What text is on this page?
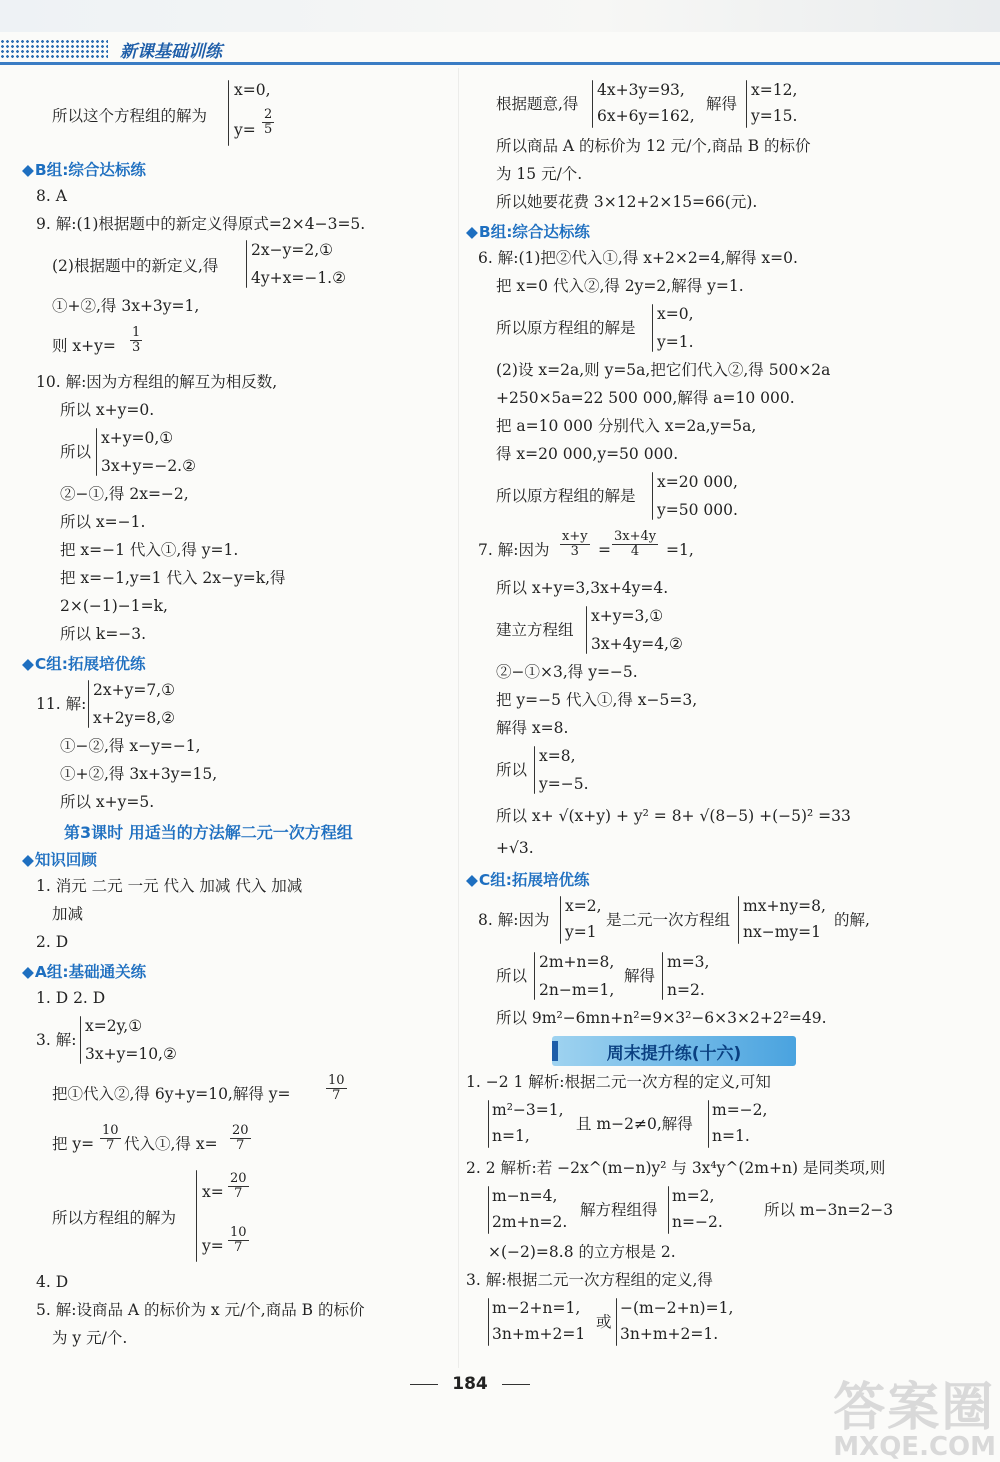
新课基础训练
所以这个方程组的解为
x=0,
$y= \frac{2}{5}$
◆B组:综合达标练
8. A
9. 解:(1)根据题中的新定义得原式=2×4−3=5.
(2)根据题中的新定义,得
2x−y=2,①
4y+x=−1.②
①+②,得 3x+3y=1,
则 $x+y= \frac{1}{3}$
10. 解:因为方程组的解互为相反数,
所以 x+y=0.
所以
x+y=0,①
3x+y=−2.②
②−①,得 2x=−2,
所以 x=−1.
把 x=−1 代入①,得 y=1.
把 x=−1,y=1 代入 2x−y=k,得
2×(−1)−1=k,
所以 k=−3.
◆C组:拓展培优练
11. 解:
2x+y=7,①
x+2y=8,②
①−②,得 x−y=−1,
①+②,得 3x+3y=15,
所以 x+y=5.
第3课时 用适当的方法解二元一次方程组
◆知识回顾
1. 消元 二元 一元 代入 加减 代入 加减
加减
2. D
◆A组:基础通关练
1. D 2. D
3. 解:
x=2y,①
3x+y=10,②
把①代入②,得 6y+y=10,解得 y=	$\frac{10}{7}$
把 $y= \frac{10}{7}$ 代入①,得 $x= \frac{20}{7}$
所以方程组的解为
$x= \frac{20}{7}$
$y= \frac{10}{7}$
4. D
5. 解:设商品 A 的标价为 x 元/个,商品 B 的标价
为 y 元/个.
根据题意,得
4x+3y=93,
6x+6y=162,
解得
x=12,
y=15.
所以商品 A 的标价为 12 元/个,商品 B 的标价
为 15 元/个.
所以她要花费 3×12+2×15=66(元).
◆B组:综合达标练
6. 解:(1)把②代入①,得 x+2×2=4,解得 x=0.
把 x=0 代入②,得 2y=2,解得 y=1.
所以原方程组的解是
x=0,
y=1.
(2)设 x=2a,则 y=5a,把它们代入②,得 500×2a
+250×5a=22 500 000,解得 a=10 000.
把 a=10 000 分别代入 x=2a,y=5a,
得 x=20 000,y=50 000.
所以原方程组的解是
x=20 000,
y=50 000.
7. 解:因为 $\frac{x+y}{3} = \frac{3x+4y}{4} =1$,
所以 x+y=3,3x+4y=4.
建立方程组
x+y=3,①
3x+4y=4,②
②−①×3,得 y=−5.
把 y=−5 代入①,得 x−5=3,
解得 x=8.
所以
x=8,
y=−5.
所以 x+ √(x+y) + y² = 8+ √(8−5) +(−5)² =33
+√3.
◆C组:拓展培优练
8. 解:因为
x=2,
y=1
是二元一次方程组
mx+ny=8,
nx−my=1
的解,
所以
2m+n=8,
2n−m=1,
解得
m=3,
n=2.
所以 9m²−6mn+n²=9×3²−6×3×2+2²=49.
周末提升练(十六)
1. −2 1 解析:根据二元一次方程的定义,可知
m²−3=1,
n=1,
且 m−2≠0,解得
m=−2,
n=1.
2. 2 解析:若 −2x^(m−n)y² 与 3x⁴y^(2m+n) 是同类项,则
m−n=4,
2m+n=2.
解方程组得
m=2,
n=−2.
所以 m−3n=2−3
×(−2)=8.8 的立方根是 2.
3. 解:根据二元一次方程组的定义,得
m−2+n=1,
3n+m+2=1
或
−(m−2+n)=1,
3n+m+2=1.
184	答案圈
MXQE.COM
